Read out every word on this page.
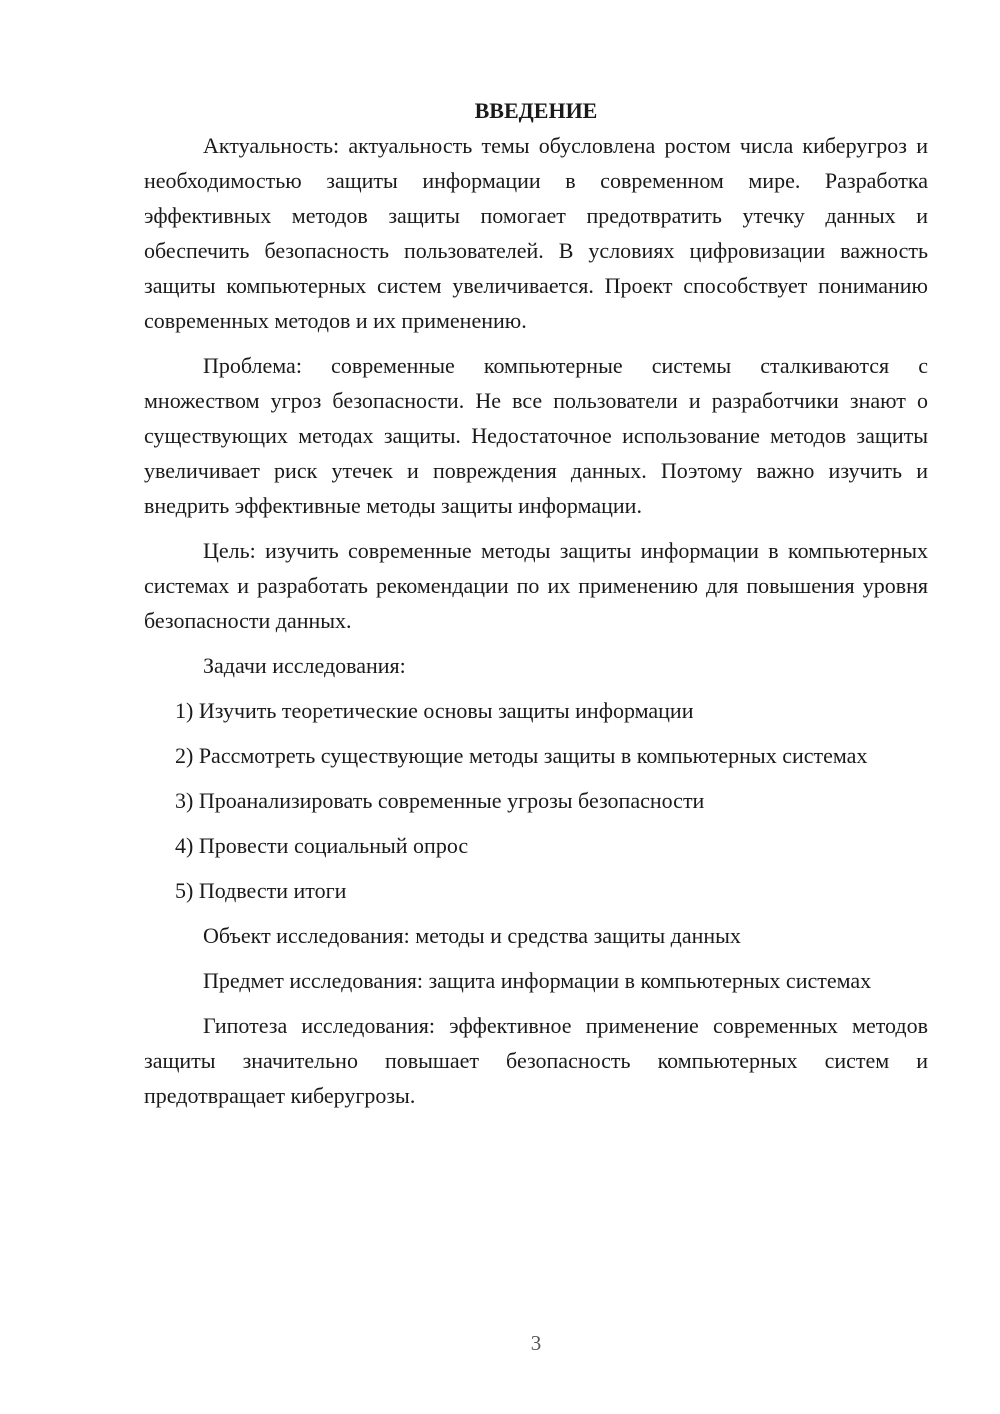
ВВЕДЕНИЕ

Актуальность: актуальность темы обусловлена ростом числа киберугроз и необходимостью защиты информации в современном мире. Разработка эффективных методов защиты помогает предотвратить утечку данных и обеспечить безопасность пользователей. В условиях цифровизации важность защиты компьютерных систем увеличивается. Проект способствует пониманию современных методов и их применению.

Проблема: современные компьютерные системы сталкиваются с множеством угроз безопасности. Не все пользователи и разработчики знают о существующих методах защиты. Недостаточное использование методов защиты увеличивает риск утечек и повреждения данных. Поэтому важно изучить и внедрить эффективные методы защиты информации.

Цель: изучить современные методы защиты информации в компьютерных системах и разработать рекомендации по их применению для повышения уровня безопасности данных.

Задачи исследования:

1) Изучить теоретические основы защиты информации

2) Рассмотреть существующие методы защиты в компьютерных системах

3) Проанализировать современные угрозы безопасности

4) Провести социальный опрос

5) Подвести итоги

Объект исследования: методы и средства защиты данных

Предмет исследования: защита информации в компьютерных системах

Гипотеза исследования: эффективное применение современных методов защиты значительно повышает безопасность компьютерных систем и предотвращает киберугрозы.

3
